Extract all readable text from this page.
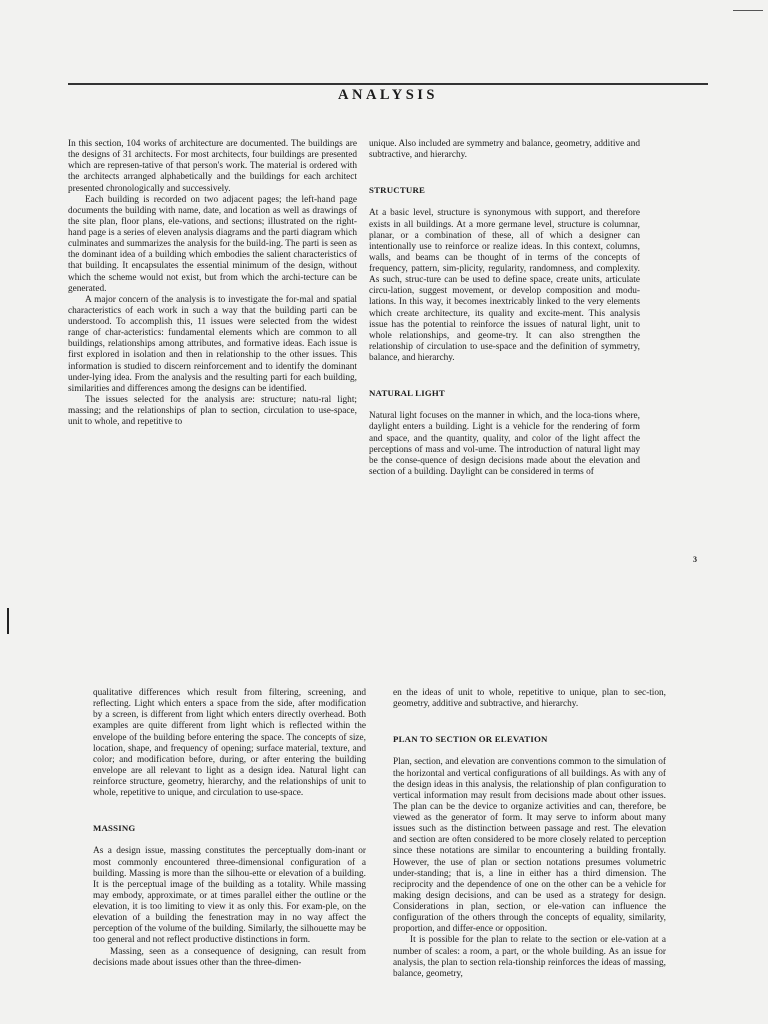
ANALYSIS

In this section, 104 works of architecture are documented. The buildings are the designs of 31 architects. For most architects, four buildings are presented which are represen-tative of that person's work. The material is ordered with the architects arranged alphabetically and the buildings for each architect presented chronologically and successively.

Each building is recorded on two adjacent pages; the left-hand page documents the building with name, date, and location as well as drawings of the site plan, floor plans, ele-vations, and sections; illustrated on the right-hand page is a series of eleven analysis diagrams and the parti diagram which culminates and summarizes the analysis for the build-ing. The parti is seen as the dominant idea of a building which embodies the salient characteristics of that building. It encapsulates the essential minimum of the design, without which the scheme would not exist, but from which the archi-tecture can be generated.

A major concern of the analysis is to investigate the for-mal and spatial characteristics of each work in such a way that the building parti can be understood. To accomplish this, 11 issues were selected from the widest range of char-acteristics: fundamental elements which are common to all buildings, relationships among attributes, and formative ideas. Each issue is first explored in isolation and then in relationship to the other issues. This information is studied to discern reinforcement and to identify the dominant under-lying idea. From the analysis and the resulting parti for each building, similarities and differences among the designs can be identified.

The issues selected for the analysis are: structure; natu-ral light; massing; and the relationships of plan to section, circulation to use-space, unit to whole, and repetitive to

unique. Also included are symmetry and balance, geometry, additive and subtractive, and hierarchy.

STRUCTURE

At a basic level, structure is synonymous with support, and therefore exists in all buildings. At a more germane level, structure is columnar, planar, or a combination of these, all of which a designer can intentionally use to reinforce or realize ideas. In this context, columns, walls, and beams can be thought of in terms of the concepts of frequency, pattern, sim-plicity, regularity, randomness, and complexity. As such, struc-ture can be used to define space, create units, articulate circu-lation, suggest movement, or develop composition and modu-lations. In this way, it becomes inextricably linked to the very elements which create architecture, its quality and excite-ment. This analysis issue has the potential to reinforce the issues of natural light, unit to whole relationships, and geome-try. It can also strengthen the relationship of circulation to use-space and the definition of symmetry, balance, and hierarchy.

NATURAL LIGHT

Natural light focuses on the manner in which, and the loca-tions where, daylight enters a building. Light is a vehicle for the rendering of form and space, and the quantity, quality, and color of the light affect the perceptions of mass and vol-ume. The introduction of natural light may be the conse-quence of design decisions made about the elevation and section of a building. Daylight can be considered in terms of

3

qualitative differences which result from filtering, screening, and reflecting. Light which enters a space from the side, after modification by a screen, is different from light which enters directly overhead. Both examples are quite different from light which is reflected within the envelope of the building before entering the space. The concepts of size, location, shape, and frequency of opening; surface material, texture, and color; and modification before, during, or after entering the building envelope are all relevant to light as a design idea. Natural light can reinforce structure, geometry, hierarchy, and the relationships of unit to whole, repetitive to unique, and circulation to use-space.

MASSING

As a design issue, massing constitutes the perceptually dom-inant or most commonly encountered three-dimensional configuration of a building. Massing is more than the silhou-ette or elevation of a building. It is the perceptual image of the building as a totality. While massing may embody, approximate, or at times parallel either the outline or the elevation, it is too limiting to view it as only this. For exam-ple, on the elevation of a building the fenestration may in no way affect the perception of the volume of the building. Similarly, the silhouette may be too general and not reflect productive distinctions in form.

Massing, seen as a consequence of designing, can result from decisions made about issues other than the three-dimen-

en the ideas of unit to whole, repetitive to unique, plan to sec-tion, geometry, additive and subtractive, and hierarchy.

PLAN TO SECTION OR ELEVATION

Plan, section, and elevation are conventions common to the simulation of the horizontal and vertical configurations of all buildings. As with any of the design ideas in this analysis, the relationship of plan configuration to vertical information may result from decisions made about other issues. The plan can be the device to organize activities and can, therefore, be viewed as the generator of form. It may serve to inform about many issues such as the distinction between passage and rest. The elevation and section are often considered to be more closely related to perception since these notations are similar to encountering a building frontally. However, the use of plan or section notations presumes volumetric under-standing; that is, a line in either has a third dimension. The reciprocity and the dependence of one on the other can be a vehicle for making design decisions, and can be used as a strategy for design. Considerations in plan, section, or ele-vation can influence the configuration of the others through the concepts of equality, similarity, proportion, and differ-ence or opposition.

It is possible for the plan to relate to the section or ele-vation at a number of scales: a room, a part, or the whole building. As an issue for analysis, the plan to section rela-tionship reinforces the ideas of massing, balance, geometry,
